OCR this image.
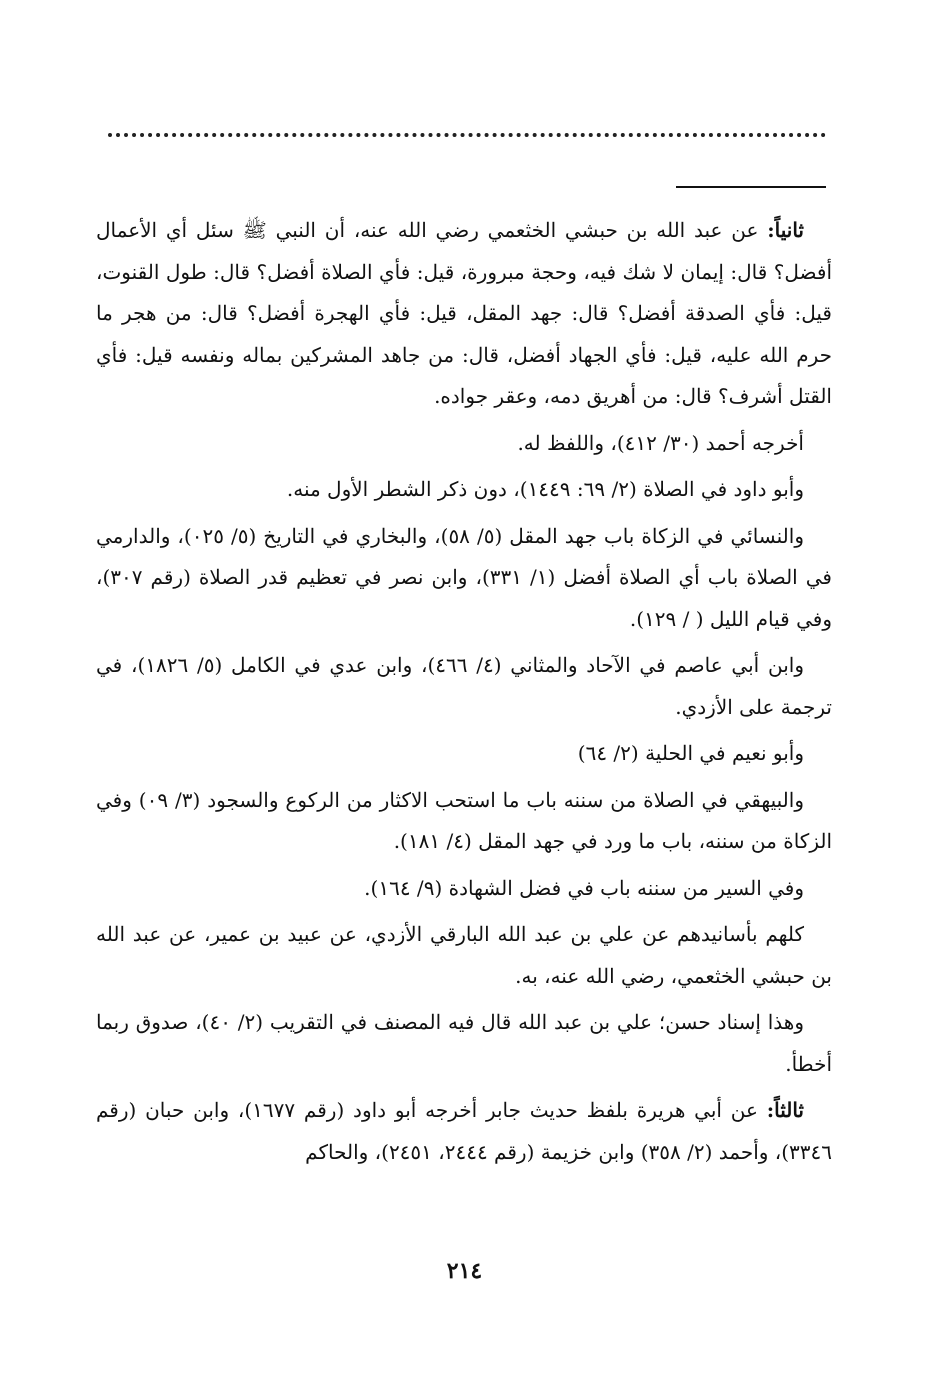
ثانياً: عن عبد الله بن حبشي الخثعمي رضي الله عنه، أن النبي ﷺ سئل أي الأعمال أفضل؟ قال: إيمان لا شك فيه، وحجة مبرورة، قيل: فأي الصلاة أفضل؟ قال: طول القنوت، قيل: فأي الصدقة أفضل؟ قال: جهد المقل، قيل: فأي الهجرة أفضل؟ قال: من هجر ما حرم الله عليه، قيل: فأي الجهاد أفضل، قال: من جاهد المشركين بماله ونفسه قيل: فأي القتل أشرف؟ قال: من أهريق دمه، وعقر جواده.

أخرجه أحمد (٣٠/ ٤١٢)، واللفظ له.

وأبو داود في الصلاة (٢/ ٦٩: ١٤٤٩)، دون ذكر الشطر الأول منه.

والنسائي في الزكاة باب جهد المقل (٥/ ٥٨)، والبخاري في التاريخ (٥/ ٠٢٥)، والدارمي في الصلاة باب أي الصلاة أفضل (١/ ٣٣١)، وابن نصر في تعظيم قدر الصلاة (رقم ٣٠٧)، وفي قيام الليل ( / ١٢٩).

وابن أبي عاصم في الآحاد والمثاني (٤/ ٤٦٦)، وابن عدي في الكامل (٥/ ١٨٢٦)، في ترجمة على الأزدي.

وأبو نعيم في الحلية (٢/ ٦٤)

والبيهقي في الصلاة من سننه باب ما استحب الاكثار من الركوع والسجود (٣/ ٠٩) وفي الزكاة من سننه، باب ما ورد في جهد المقل (٤/ ١٨١).

وفي السير من سننه باب في فضل الشهادة (٩/ ١٦٤).

كلهم بأسانيدهم عن علي بن عبد الله البارقي الأزدي، عن عبيد بن عمير، عن عبد الله بن حبشي الخثعمي، رضي الله عنه، به.

وهذا إسناد حسن؛ علي بن عبد الله قال فيه المصنف في التقريب (٢/ ٤٠)، صدوق ربما أخطأ.

ثالثاً: عن أبي هريرة بلفظ حديث جابر أخرجه أبو داود (رقم ١٦٧٧)، وابن حبان (رقم ٣٣٤٦)، وأحمد (٢/ ٣٥٨) وابن خزيمة (رقم ٢٤٤٤، ٢٤٥١)، والحاكم

٢١٤
